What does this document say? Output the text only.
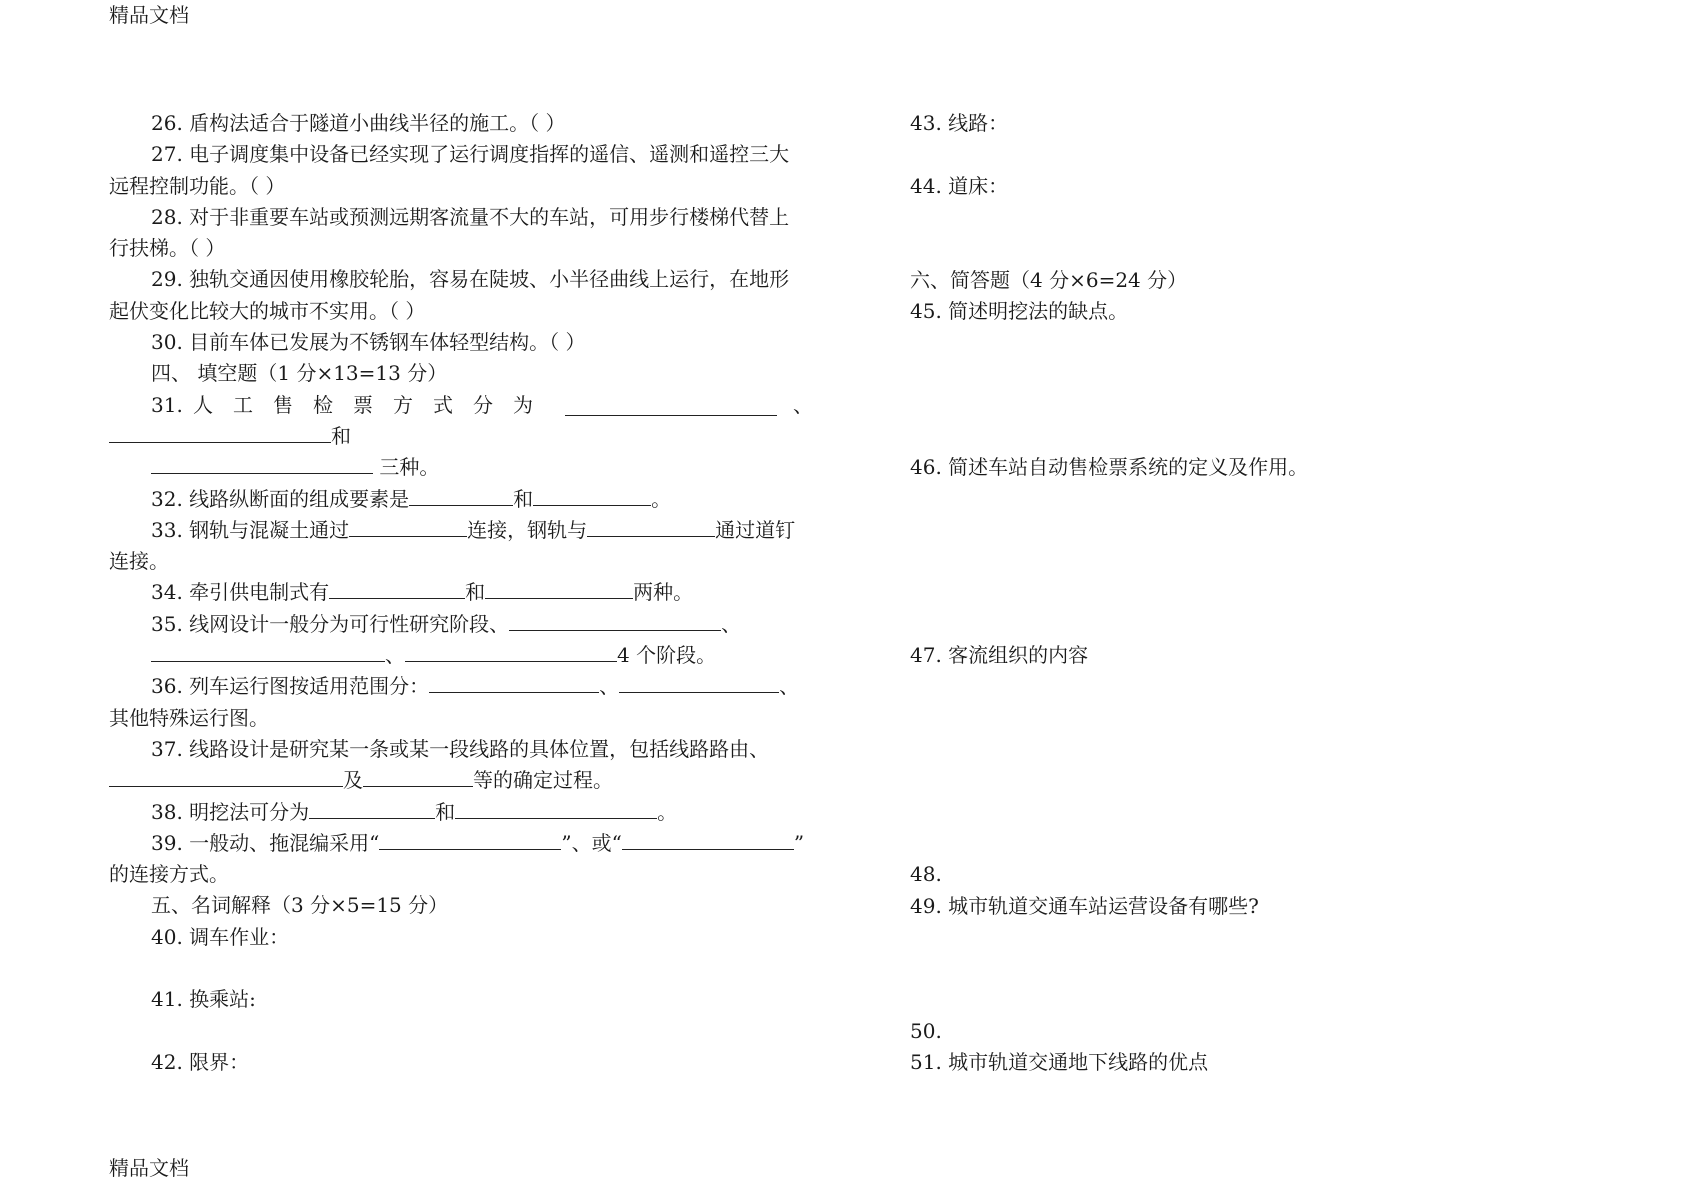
精品文档
26. 盾构法适合于隧道小曲线半径的施工。（ ）
27. 电子调度集中设备已经实现了运行调度指挥的遥信、遥测和遥控三大
远程控制功能。（ ）
28. 对于非重要车站或预测远期客流量不大的车站，可用步行楼梯代替上
行扶梯。（ ）
29. 独轨交通因使用橡胶轮胎，容易在陡坡、小半径曲线上运行，在地形
起伏变化比较大的城市不实用。（ ）
30. 目前车体已发展为不锈钢车体轻型结构。（ ）
四、 填空题（1 分×13=13 分）
31. 人 工 售 检 票 方 式 分 为	、
和
三种。
32. 线路纵断面的组成要素是	和	。
33. 钢轨与混凝土通过	连接，钢轨与	通过道钉
连接。
34. 牵引供电制式有	和	两种。
35. 线网设计一般分为可行性研究阶段、	、
、	4 个阶段。
36. 列车运行图按适用范围分：	、	、
其他特殊运行图。
37. 线路设计是研究某一条或某一段线路的具体位置，包括线路路由、
及	等的确定过程。
38. 明挖法可分为	和	。
39. 一般动、拖混编采用“	”、或“	”
的连接方式。
五、名词解释（3 分×5=15 分）
40. 调车作业：
41. 换乘站:
42. 限界：
43. 线路：
44. 道床：
六、简答题（4 分×6=24 分）
45. 简述明挖法的缺点。
46. 简述车站自动售检票系统的定义及作用。
47. 客流组织的内容
48.
49. 城市轨道交通车站运营设备有哪些?
50.
51. 城市轨道交通地下线路的优点
精品文档
